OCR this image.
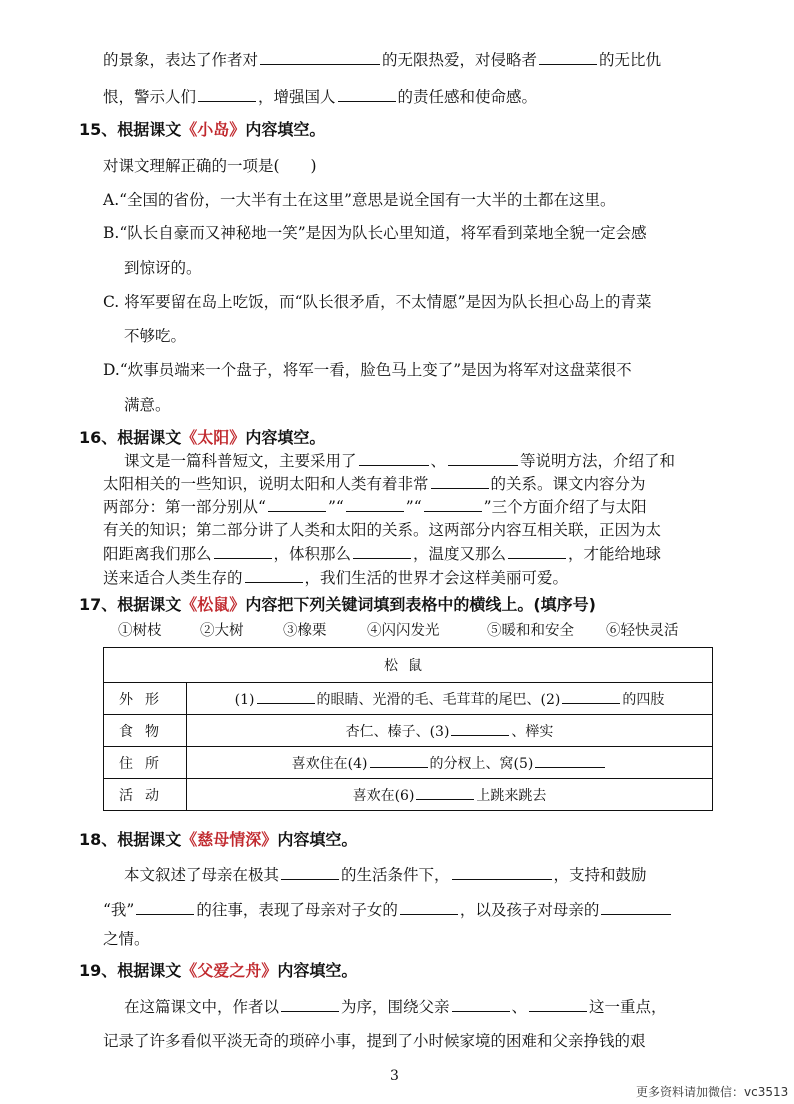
的景象，表达了作者对	的无限热爱，对侵略者	的无比仇
恨，警示人们	，增强国人	的责任感和使命感。
15、根据课文《小岛》内容填空。
对课文理解正确的一项是(　　)
A.“全国的省份，一大半有土在这里”意思是说全国有一大半的土都在这里。
B.“队长自豪而又神秘地一笑”是因为队长心里知道，将军看到菜地全貌一定会感
到惊讶的。
C. 将军要留在岛上吃饭，而“队长很矛盾，不太情愿”是因为队长担心岛上的青菜
不够吃。
D.“炊事员端来一个盘子，将军一看，脸色马上变了”是因为将军对这盘菜很不
满意。
16、根据课文《太阳》内容填空。
课文是一篇科普短文，主要采用了	、	等说明方法，介绍了和
太阳相关的一些知识，说明太阳和人类有着非常	的关系。课文内容分为
两部分：第一部分别从“	”“	”“	”三个方面介绍了与太阳
有关的知识；第二部分讲了人类和太阳的关系。这两部分内容互相关联，正因为太
阳距离我们那么	，体积那么	，温度又那么	，才能给地球
送来适合人类生存的	，我们生活的世界才会这样美丽可爱。
17、根据课文《松鼠》内容把下列关键词填到表格中的横线上。(填序号)
①树枝	②大树	③橡栗	④闪闪发光	⑤暖和和安全 ⑥轻快灵活
松鼠	
外形	(1) 的眼睛、光滑的毛、毛茸茸的尾巴、(2) 的四肢
食物	杏仁、榛子、(3) 、榉实
住所	喜欢住在(4) 的分杈上、窝(5)
活动	喜欢在(6) 上跳来跳去
18、根据课文《慈母情深》内容填空。
本文叙述了母亲在极其	的生活条件下，	，支持和鼓励
“我”	的往事，表现了母亲对子女的	，以及孩子对母亲的
之情。
19、根据课文《父爱之舟》内容填空。
在这篇课文中，作者以	为序，围绕父亲	、	这一重点，
记录了许多看似平淡无奇的琐碎小事，提到了小时候家境的困难和父亲挣钱的艰
3
更多资料请加微信：vc3513
